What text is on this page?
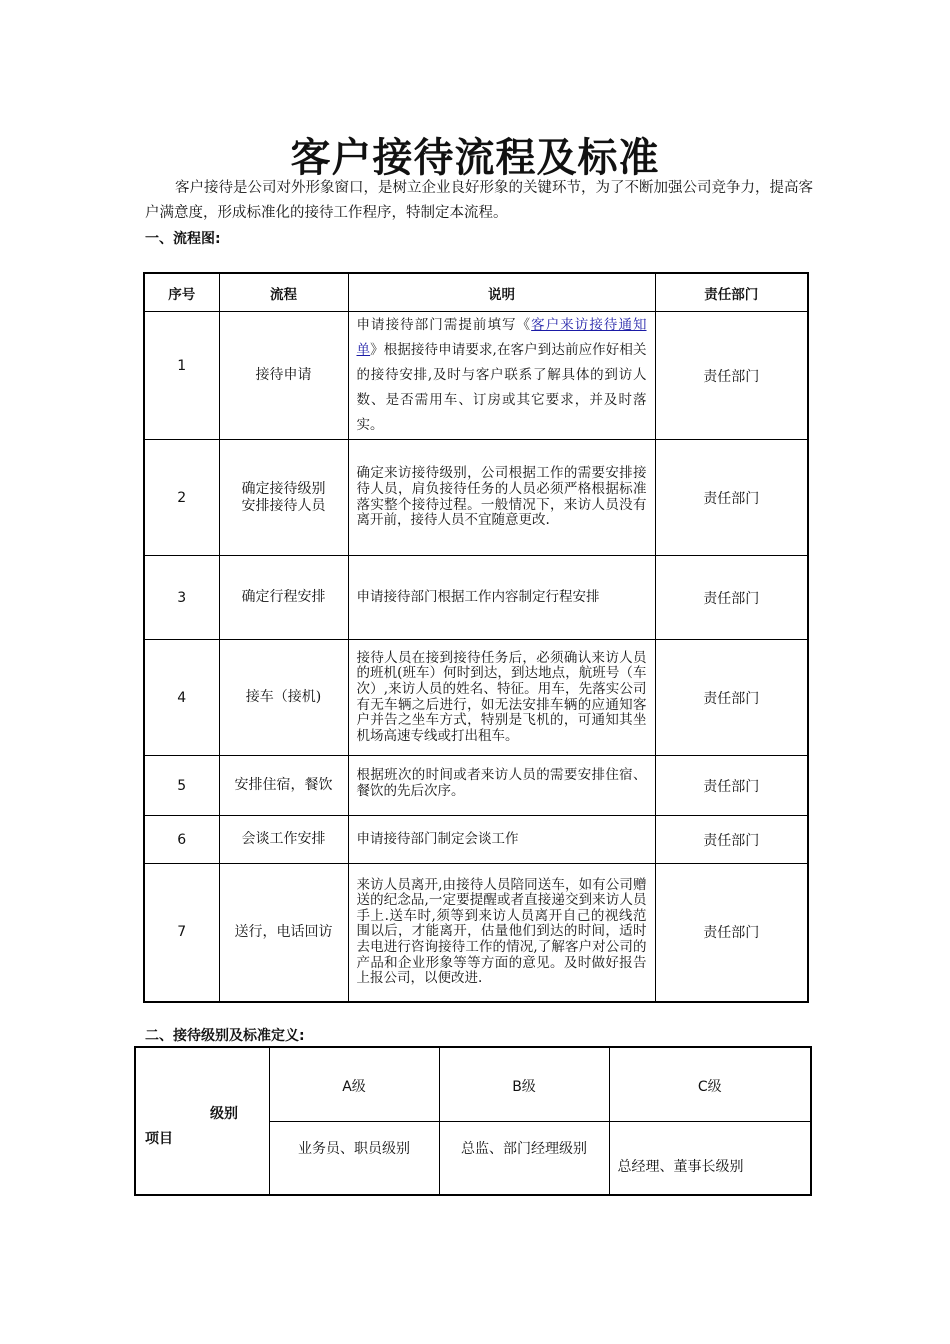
客户接待流程及标准
客户接待是公司对外形象窗口，是树立企业良好形象的关键环节，为了不断加强公司竞争力，提高客户满意度，形成标准化的接待工作程序，特制定本流程。
一、流程图:
序号	流程	说明	责任部门

1	接待申请	申请接待部门需提前填写《客户来访接待通知单》根据接待申请要求,在客户到达前应作好相关的接待安排,及时与客户联系了解具体的到访人数、是否需用车、订房或其它要求，并及时落实。	责任部门
2	确定接待级别
安排接待人员	确定来访接待级别，公司根据工作的需要安排接待人员，肩负接待任务的人员必须严格根据标准落实整个接待过程。一般情况下，来访人员没有离开前，接待人员不宜随意更改.	责任部门
3	确定行程安排	申请接待部门根据工作内容制定行程安排	责任部门
4	接车（接机)	接待人员在接到接待任务后，必须确认来访人员的班机(班车）何时到达，到达地点，航班号（车次）,来访人员的姓名、特征。用车，先落实公司有无车辆之后进行，如无法安排车辆的应通知客户并告之坐车方式，特别是飞机的，可通知其坐机场高速专线或打出租车。	责任部门
5	安排住宿，餐饮	根据班次的时间或者来访人员的需要安排住宿、餐饮的先后次序。	责任部门
6	会谈工作安排	申请接待部门制定会谈工作	责任部门
7	送行，电话回访	来访人员离开,由接待人员陪同送车，如有公司赠送的纪念品,一定要提醒或者直接递交到来访人员手上.送车时,须等到来访人员离开自己的视线范围以后，才能离开，估量他们到达的时间，适时去电进行咨询接待工作的情况,了解客户对公司的产品和企业形象等等方面的意见。及时做好报告上报公司，以便改进.	责任部门
二、接待级别及标准定义:
级别
项目	A级	B级	C级
	业务员、职员级别	总监、部门经理级别	总经理、董事长级别
